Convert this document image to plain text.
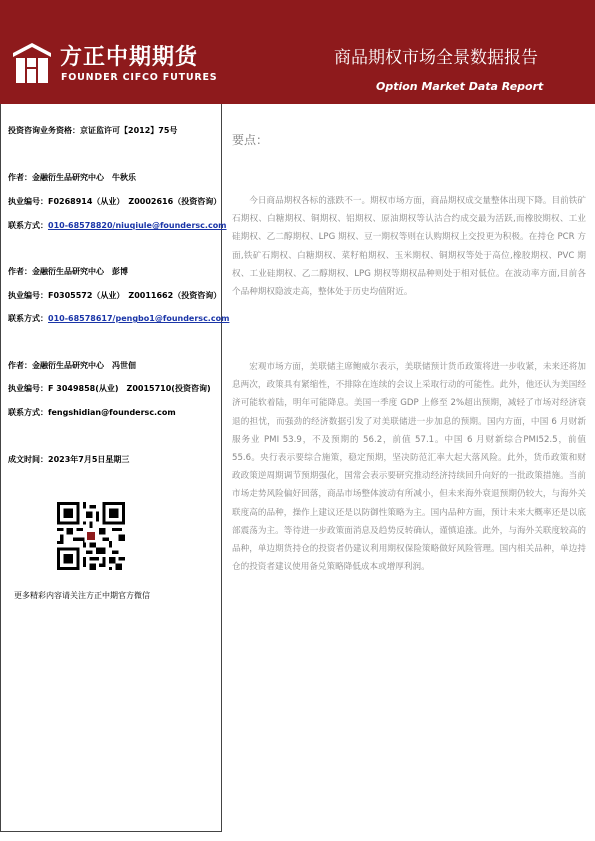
方正中期期货
FOUNDER CIFCO FUTURES
商品期权市场全景数据报告
Option Market Data Report
投资咨询业务资格：京证监许可【2012】75号
作者：金融衍生品研究中心　牛秋乐
执业编号：F0268914（从业）　Z0002616（投资咨询）
联系方式：010-68578820/niuqiule@foundersc.com
作者：金融衍生品研究中心　彭博
执业编号：F0305572（从业）　Z0011662（投资咨询）
联系方式：010-68578617/pengbo1@foundersc.com
作者：金融衍生品研究中心　冯世佃
执业编号：F 3049858(从业)　Z0015710(投资咨询)
联系方式：fengshidian@foundersc.com
成文时间：2023年7月5日星期三
更多精彩内容请关注方正中期官方微信
要点：

今日商品期权各标的涨跌不一。期权市场方面，商品期权成交量整体出现下降。目前铁矿石期权、白糖期权、铜期权、铝期权、原油期权等认沽合约成交最为活跃,而橡胶期权、工业硅期权、乙二醇期权、LPG 期权、豆一期权等则在认购期权上交投更为积极。在持仓 PCR 方面,铁矿石期权、白糖期权、菜籽粕期权、玉米期权、铜期权等处于高位,橡胶期权、PVC 期权、工业硅期权、乙二醇期权、LPG 期权等期权品种则处于相对低位。在波动率方面,目前各个品种期权隐波走高，整体处于历史均值附近。

宏观市场方面，美联储主席鲍威尔表示，美联储预计货币政策将进一步收紧，未来还将加息两次，政策具有紧缩性，不排除在连续的会议上采取行动的可能性。此外，他还认为美国经济可能软着陆，明年可能降息。美国一季度 GDP 上修至 2%超出预期，减轻了市场对经济衰退的担忧，而强劲的经济数据引发了对美联储进一步加息的预期。国内方面，中国 6 月财新服务业 PMI 53.9，不及预期的 56.2，前值 57.1。中国 6 月财新综合PMI52.5，前值 55.6。央行表示要综合施策，稳定预期，坚决防范汇率大起大落风险。此外，货币政策和财政政策逆周期调节预期强化，国常会表示要研究推动经济持续回升向好的一批政策措施。当前市场走势风险偏好回落，商品市场整体波动有所减小，但未来海外衰退预期仍较大，与海外关联度高的品种，操作上建议还是以防御性策略为主。国内品种方面，预计未来大概率还是以底部震荡为主。等待进一步政策面消息及趋势反转确认，谨慎追涨。此外，与海外关联度较高的品种，单边期货持仓的投资者仍建议利用期权保险策略做好风险管理。国内相关品种，单边持仓的投资者建议使用备兑策略降低成本或增厚利润。
